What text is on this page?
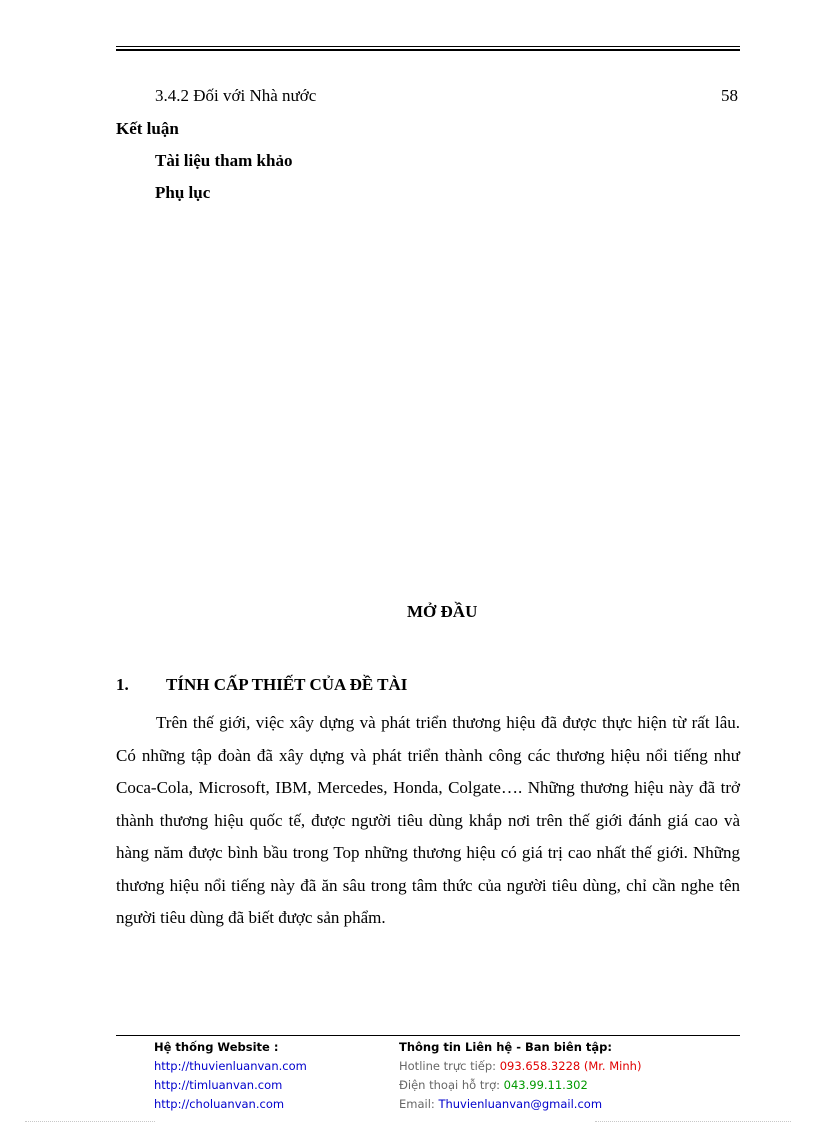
3.4.2 Đối với Nhà nước	58
Kết luận
Tài liệu tham khảo
Phụ lục
MỞ ĐẦU
1. TÍNH CẤP THIẾT CỦA ĐỀ TÀI

Trên thế giới, việc xây dựng và phát triển thương hiệu đã được thực hiện từ rất lâu. Có những tập đoàn đã xây dựng và phát triển thành công các thương hiệu nổi tiếng như Coca-Cola, Microsoft, IBM, Mercedes, Honda, Colgate…. Những thương hiệu này đã trở thành thương hiệu quốc tế, được người tiêu dùng khắp nơi trên thế giới đánh giá cao và hàng năm được bình bầu trong Top những thương hiệu có giá trị cao nhất thế giới. Những thương hiệu nổi tiếng này đã ăn sâu trong tâm thức của người tiêu dùng, chỉ cần nghe tên người tiêu dùng đã biết được sản phẩm.

Hệ thống Website :
http://thuvienluanvan.com
http://timluanvan.com
http://choluanvan.com
Thông tin Liên hệ - Ban biên tập:
Hotline trực tiếp: 093.658.3228 (Mr. Minh)
Điện thoại hỗ trợ: 043.99.11.302
Email: Thuvienluanvan@gmail.com
